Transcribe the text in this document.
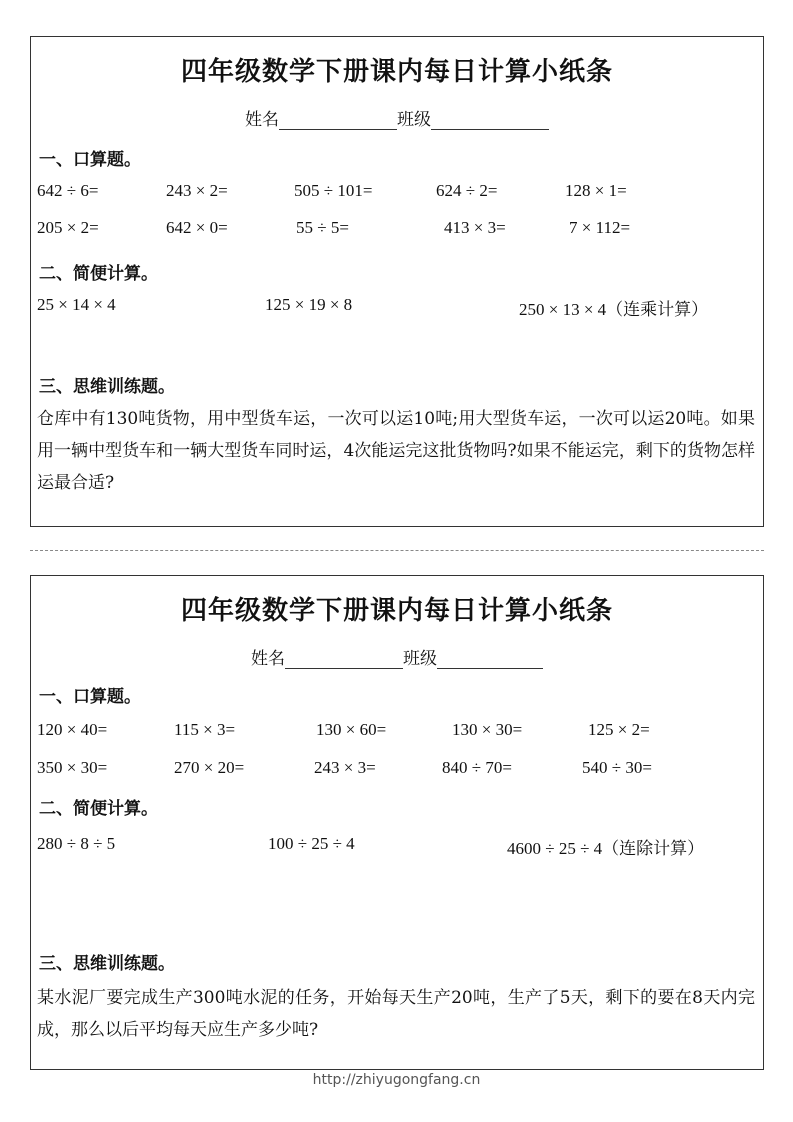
四年级数学下册课内每日计算小纸条
姓名	班级
一、口算题。
642 ÷ 6=	243 × 2=	505 ÷ 101=	624 ÷ 2=	128 × 1=
205 × 2=	642 × 0=	55 ÷ 5=	413 × 3=	7 × 112=
二、简便计算。
25 × 14 × 4	125 × 19 × 8	250 × 13 × 4（连乘计算）
三、思维训练题。
仓库中有130吨货物，用中型货车运，一次可以运10吨;用大型货车运，一次可以运20吨。如果用一辆中型货车和一辆大型货车同时运，4次能运完这批货物吗?如果不能运完，剩下的货物怎样运最合适?
四年级数学下册课内每日计算小纸条
姓名	班级
一、口算题。
120 × 40=	115 × 3=	130 × 60=	130 × 30=	125 × 2=
350 × 30=	270 × 20=	243 × 3=	840 ÷ 70=	540 ÷ 30=
二、简便计算。
280 ÷ 8 ÷ 5	100 ÷ 25 ÷ 4	4600 ÷ 25 ÷ 4（连除计算）
三、思维训练题。
某水泥厂要完成生产300吨水泥的任务，开始每天生产20吨，生产了5天，剩下的要在8天内完成，那么以后平均每天应生产多少吨?
http://zhiyugongfang.cn
